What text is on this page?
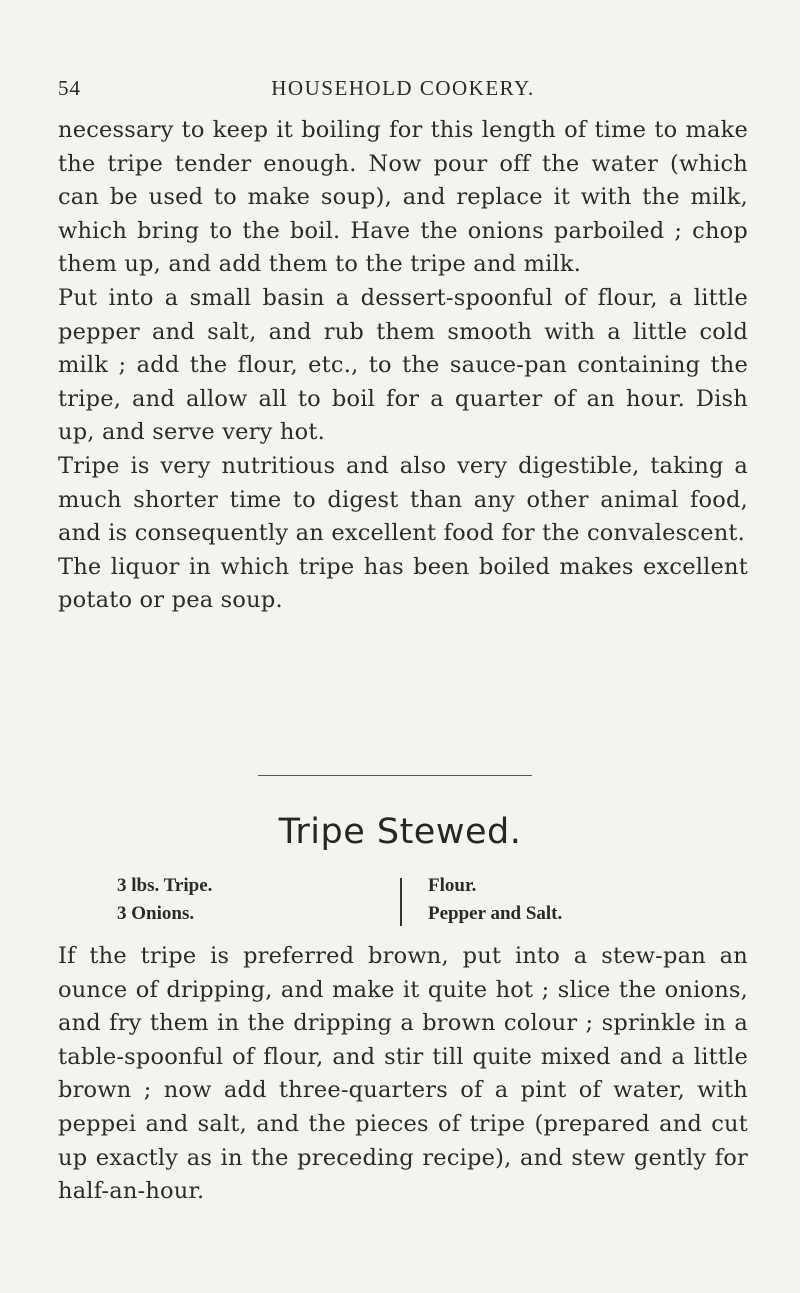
54	HOUSEHOLD COOKERY.

necessary to keep it boiling for this length of time to make the tripe tender enough. Now pour off the water (which can be used to make soup), and replace it with the milk, which bring to the boil. Have the onions parboiled ; chop them up, and add them to the tripe and milk.

Put into a small basin a dessert-spoonful of flour, a little pepper and salt, and rub them smooth with a little cold milk ; add the flour, etc., to the sauce-pan containing the tripe, and allow all to boil for a quarter of an hour. Dish up, and serve very hot.

Tripe is very nutritious and also very digestible, taking a much shorter time to digest than any other animal food, and is consequently an excellent food for the convalescent.

The liquor in which tripe has been boiled makes excellent potato or pea soup.

Tripe Stewed.
3 lbs. Tripe.
3 Onions.
Flour.
Pepper and Salt.

If the tripe is preferred brown, put into a stew-pan an ounce of dripping, and make it quite hot ; slice the onions, and fry them in the dripping a brown colour ; sprinkle in a table-spoonful of flour, and stir till quite mixed and a little brown ; now add three-quarters of a pint of water, with peppei and salt, and the pieces of tripe (prepared and cut up exactly as in the preceding recipe), and stew gently for half-an-hour.
